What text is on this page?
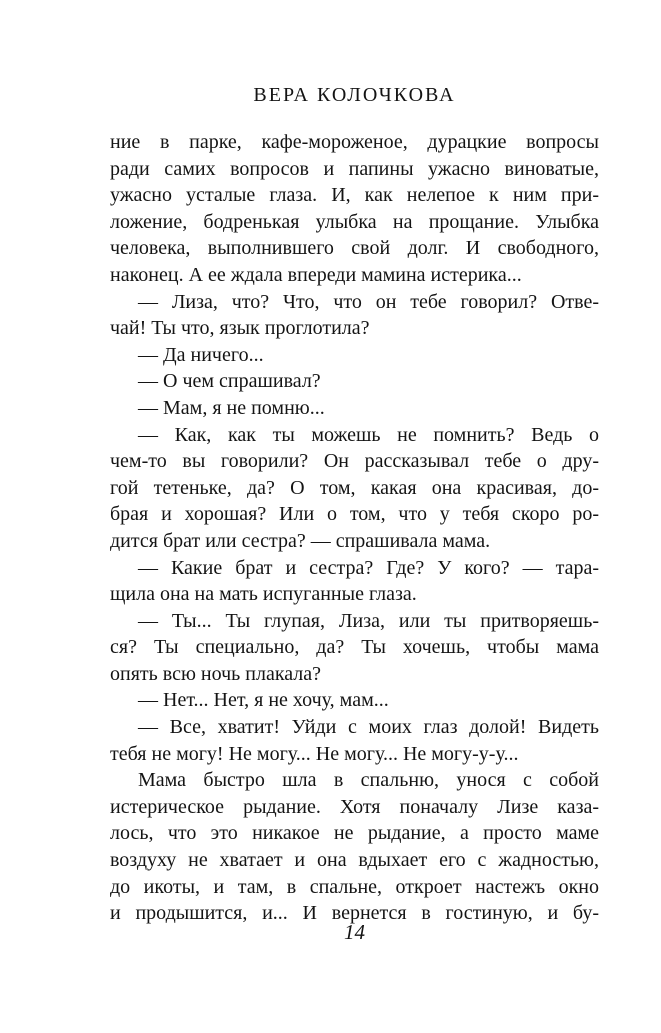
ВЕРА КОЛОЧКОВА
ние в парке, кафе-мороженое, дурацкие вопросы
ради самих вопросов и папины ужасно виноватые,
ужасно усталые глаза. И, как нелепое к ним при-
ложение, бодренькая улыбка на прощание. Улыбка
человека, выполнившего свой долг. И свободного,
наконец. А ее ждала впереди мамина истерика...
— Лиза, что? Что, что он тебе говорил? Отве-
чай! Ты что, язык проглотила?
— Да ничего...
— О чем спрашивал?
— Мам, я не помню...
— Как, как ты можешь не помнить? Ведь о
чем-то вы говорили? Он рассказывал тебе о дру-
гой тетеньке, да? О том, какая она красивая, до-
брая и хорошая? Или о том, что у тебя скоро ро-
дится брат или сестра? — спрашивала мама.
— Какие брат и сестра? Где? У кого? — тара-
щила она на мать испуганные глаза.
— Ты... Ты глупая, Лиза, или ты притворяешь-
ся? Ты специально, да? Ты хочешь, чтобы мама
опять всю ночь плакала?
— Нет... Нет, я не хочу, мам...
— Все, хватит! Уйди с моих глаз долой! Видеть
тебя не могу! Не могу... Не могу... Не могу-у-у...
Мама быстро шла в спальню, унося с собой
истерическое рыдание. Хотя поначалу Лизе каза-
лось, что это никакое не рыдание, а просто маме
воздуху не хватает и она вдыхает его с жадностью,
до икоты, и там, в спальне, откроет настежъ окно
и продышится, и... И вернется в гостиную, и бу-
14
